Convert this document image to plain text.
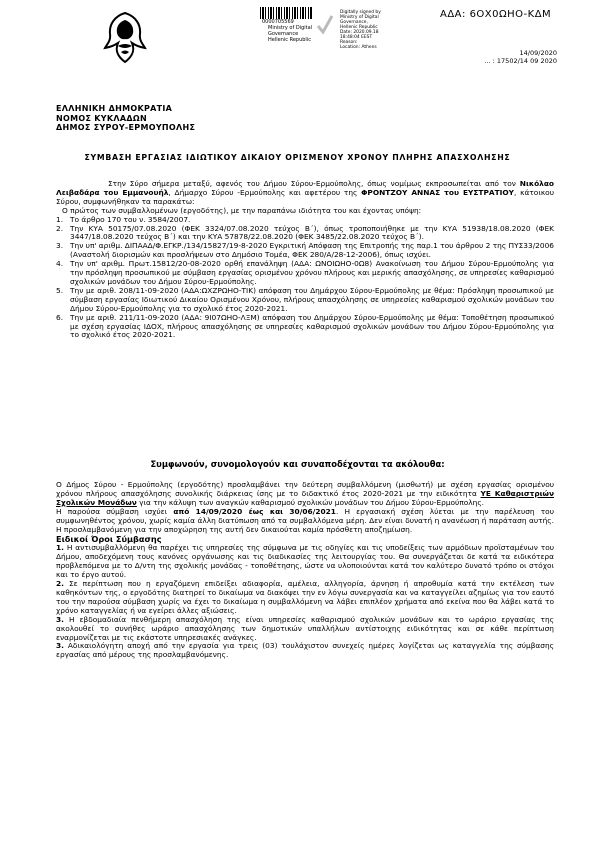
0000705569
Ministry of Digital
Governance
Hellenic Republic
Digitally signed by
Ministry of Digital
Governance,
Hellenic Republic
Date: 2020.09.18
18:48:04 EEST
Reason:
Location: Athens
ΑΔΑ: 6ΟΧ0ΩΗΟ-ΚΔΜ
14/09/2020
... : 17502/14 09 2020
ΕΛΛΗΝΙΚΗ ΔΗΜΟΚΡΑΤΙΑ
ΝΟΜΟΣ ΚΥΚΛΑΔΩΝ
ΔΗΜΟΣ ΣΥΡΟΥ-ΕΡΜΟΥΠΟΛΗΣ
ΣΥΜΒΑΣΗ ΕΡΓΑΣΙΑΣ ΙΔΙΩΤΙΚΟΥ ΔΙΚΑΙΟΥ ΟΡΙΣΜΕΝΟΥ ΧΡΟΝΟΥ ΠΛΗΡΗΣ ΑΠΑΣΧΟΛΗΣΗΣ

Στην Σύρο σήμερα μεταξύ, αφενός του Δήμου Σύρου-Ερμούπολης, όπως νομίμως εκπροσωπείται από τον Νικόλαο Λειβαδάρα του Εμμανουήλ, Δήμαρχο Σύρου -Ερμούπολης και αφετέρου της ΦΡΟΝΤΖΟΥ ΑΝΝΑΣ του ΕΥΣΤΡΑΤΙΟΥ, κάτοικου Σύρου, συμφωνήθηκαν τα παρακάτω:

Ο πρώτος των συμβαλλομένων (εργοδότης), με την παραπάνω ιδιότητα του και έχοντας υπόψη:

1. Το άρθρο 170 του ν. 3584/2007.
2. Την ΚΥΑ 50175/07.08.2020 (ΦΕΚ 3324/07.08.2020 τεύχος Β΄), όπως τροποποιήθηκε με την ΚΥΑ 51938/18.08.2020 (ΦΕΚ 3447/18.08.2020 τεύχος Β΄) και την ΚΥΑ 57878/22.08.2020 (ΦΕΚ 3485/22.08.2020 τεύχος Β΄).
3. Την υπ' αριθμ. ΔΙΠΑΑΔ/Φ.ΕΓΚΡ./134/15827/19-8-2020 Εγκριτική Απόφαση της Επιτροπής της παρ.1 του άρθρου 2 της ΠΥΣ33/2006 (Αναστολή διορισμών και προσλήψεων στο Δημόσιο Τομέα, ΦΕΚ 280/Α/28-12-2006), όπως ισχύει.
4. Την υπ' αριθμ. Πρωτ.15812/20-08-2020 ορθή επανάληψη (ΑΔΑ: ΩΝΟΙΩΗΟ-0Ω8) Ανακοίνωση του Δήμου Σύρου-Ερμούπολης για την πρόσληψη προσωπικού με σύμβαση εργασίας ορισμένου χρόνου πλήρους και μερικής απασχόλησης, σε υπηρεσίες καθαρισμού σχολικών μονάδων του Δήμου Σύρου-Ερμούπολης.
5. Την με αριθ. 208/11-09-2020 (ΑΔΑ:ΩΧΖΡΩΗΟ-ΤΙΚ) απόφαση του Δημάρχου Σύρου-Ερμούπολης με θέμα: Πρόσληψη προσωπικού με σύμβαση εργασίας Ιδιωτικού Δικαίου Ορισμένου Χρόνου, πλήρους απασχόλησης σε υπηρεσίες καθαρισμού σχολικών μονάδων του Δήμου Σύρου-Ερμούπολης για το σχολικό έτος 2020-2021.
6. Την με αριθ. 211/11-09-2020 (ΑΔΑ: 9Ι07ΩΗΟ-ΛΞΜ) απόφαση του Δημάρχου Σύρου-Ερμούπολης με θέμα: Τοποθέτηση προσωπικού με σχέση εργασίας ΙΔΟΧ, πλήρους απασχόλησης σε υπηρεσίες καθαρισμού σχολικών μονάδων του Δήμου Σύρου-Ερμούπολης για το σχολικό έτος 2020-2021.
Συμφωνούν, συνομολογούν και συναποδέχονται τα ακόλουθα:

Ο Δήμος Σύρου - Ερμούπολης (εργοδότης) προσλαμβάνει την δεύτερη συμβαλλόμενη (μισθωτή) με σχέση εργασίας ορισμένου χρόνου πλήρους απασχόλησης συνολικής διάρκειας ίσης με το διδακτικό έτος 2020-2021 με την ειδικότητα ΥΕ Καθαριστριών Σχολικών Μονάδων για την κάλυψη των αναγκών καθαρισμού σχολικών μονάδων του Δήμου Σύρου-Ερμούπολης.

Η παρούσα σύμβαση ισχύει από 14/09/2020 έως και 30/06/2021. Η εργασιακή σχέση λύεται με την παρέλευση του συμφωνηθέντος χρόνου, χωρίς καμία άλλη διατύπωση από τα συμβαλλόμενα μέρη. Δεν είναι δυνατή η ανανέωση ή παράταση αυτής. Η προσλαμβανόμενη για την αποχώρηση της αυτή δεν δικαιούται καμία πρόσθετη αποζημίωση.

Ειδικοί Όροι Σύμβασης

1. Η αντισυμβαλλόμενη θα παρέχει τις υπηρεσίες της σύμφωνα με τις οδηγίες και τις υποδείξεις των αρμόδιων προϊσταμένων του Δήμου, αποδεχόμενη τους κανόνες οργάνωσης και τις διαδικασίες της λειτουργίας του. Θα συνεργάζεται δε κατά τα ειδικότερα προβλεπόμενα με το Δ/ντη της σχολικής μονάδας - τοποθέτησης, ώστε να υλοποιούνται κατά τον καλύτερο δυνατό τρόπο οι στόχοι και το έργο αυτού.

2. Σε περίπτωση που η εργαζόμενη επιδείξει αδιαφορία, αμέλεια, αλληγορία, άρνηση ή απροθυμία κατά την εκτέλεση των καθηκόντων της, ο εργοδότης διατηρεί το δικαίωμα να διακόψει την εν λόγω συνεργασία και να καταγγείλει αζημίως για τον εαυτό του την παρούσα σύμβαση χωρίς να έχει το δικαίωμα η συμβαλλόμενη να λάβει επιπλέον χρήματα από εκείνα που θα λάβει κατά το χρόνο καταγγελίας ή να εγείρει άλλες αξιώσεις.

3. Η εβδομαδιαία πενθήμερη απασχόληση της είναι υπηρεσίες καθαρισμού σχολικών μονάδων και το ωράριο εργασίας της ακολουθεί το συνήθες ωράριο απασχόλησης των δημοτικών υπαλλήλων αντίστοιχης ειδικότητας και σε κάθε περίπτωση εναρμονίζεται με τις εκάστοτε υπηρεσιακές ανάγκες.

3. Αδικαιολόγητη αποχή από την εργασία για τρεις (03) τουλάχιστον συνεχείς ημέρες λογίζεται ως καταγγελία της σύμβασης εργασίας από μέρους της προσλαμβανόμενης.
